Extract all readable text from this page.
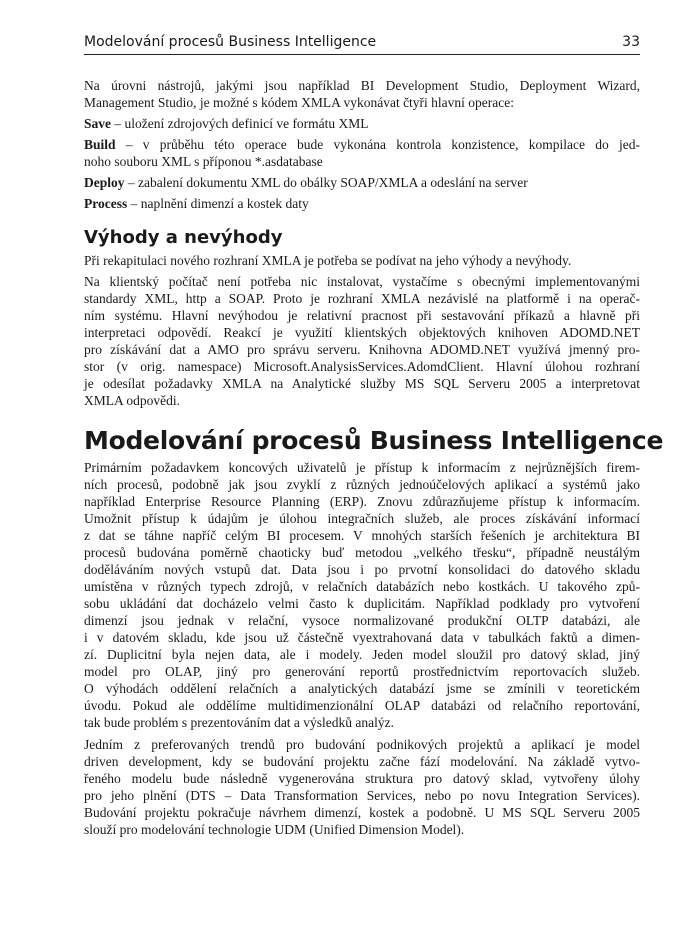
Modelování procesů Business Intelligence	33
Na úrovni nástrojů, jakými jsou například BI Development Studio, Deployment Wizard,
Management Studio, je možné s kódem XMLA vykonávat čtyři hlavní operace:
Save – uložení zdrojových definicí ve formátu XML
Build – v průběhu této operace bude vykonána kontrola konzistence, kompilace do jed-
noho souboru XML s příponou *.asdatabase
Deploy – zabalení dokumentu XML do obálky SOAP/XMLA a odeslání na server
Process – naplnění dimenzí a kostek daty
Výhody a nevýhody
Při rekapitulaci nového rozhraní XMLA je potřeba se podívat na jeho výhody a nevýhody.
Na klientský počítač není potřeba nic instalovat, vystačíme s obecnými implementovanými
standardy XML, http a SOAP. Proto je rozhraní XMLA nezávislé na platformě i na operač-
ním systému. Hlavní nevýhodou je relativní pracnost při sestavování příkazů a hlavně při
interpretaci odpovědí. Reakcí je využití klientských objektových knihoven ADOMD.NET
pro získávání dat a AMO pro správu serveru. Knihovna ADOMD.NET využívá jmenný pro-
stor (v orig. namespace) Microsoft.AnalysisServices.AdomdClient. Hlavní úlohou rozhraní
je odesílat požadavky XMLA na Analytické služby MS SQL Serveru 2005 a interpretovat
XMLA odpovědi.
Modelování procesů Business Intelligence
Primárním požadavkem koncových uživatelů je přístup k informacím z nejrůznějších firem-
ních procesů, podobně jak jsou zvyklí z různých jednoúčelových aplikací a systémů jako
například Enterprise Resource Planning (ERP). Znovu zdůrazňujeme přístup k informacím.
Umožnit přístup k údajům je úlohou integračních služeb, ale proces získávání informací
z dat se táhne napříč celým BI procesem. V mnohých starších řešeních je architektura BI
procesů budována poměrně chaoticky buď metodou „velkého třesku“, případně neustálým
doděláváním nových vstupů dat. Data jsou i po prvotní konsolidaci do datového skladu
umístěna v různých typech zdrojů, v relačních databázích nebo kostkách. U takového způ-
sobu ukládání dat docházelo velmi často k duplicitám. Například podklady pro vytvoření
dimenzí jsou jednak v relační, vysoce normalizované produkční OLTP databázi, ale
i v datovém skladu, kde jsou už částečně vyextrahovaná data v tabulkách faktů a dimen-
zí. Duplicitní byla nejen data, ale i modely. Jeden model sloužil pro datový sklad, jiný
model pro OLAP, jiný pro generování reportů prostřednictvím reportovacích služeb.
O výhodách oddělení relačních a analytických databází jsme se zmínili v teoretickém
úvodu. Pokud ale oddělíme multidimenzionální OLAP databázi od relačního reportování,
tak bude problém s prezentováním dat a výsledků analýz.
Jedním z preferovaných trendů pro budování podnikových projektů a aplikací je model
driven development, kdy se budování projektu začne fází modelování. Na základě vytvo-
řeného modelu bude následně vygenerována struktura pro datový sklad, vytvořeny úlohy
pro jeho plnění (DTS – Data Transformation Services, nebo po novu Integration Services).
Budování projektu pokračuje návrhem dimenzí, kostek a podobně. U MS SQL Serveru 2005
slouží pro modelování technologie UDM (Unified Dimension Model).
